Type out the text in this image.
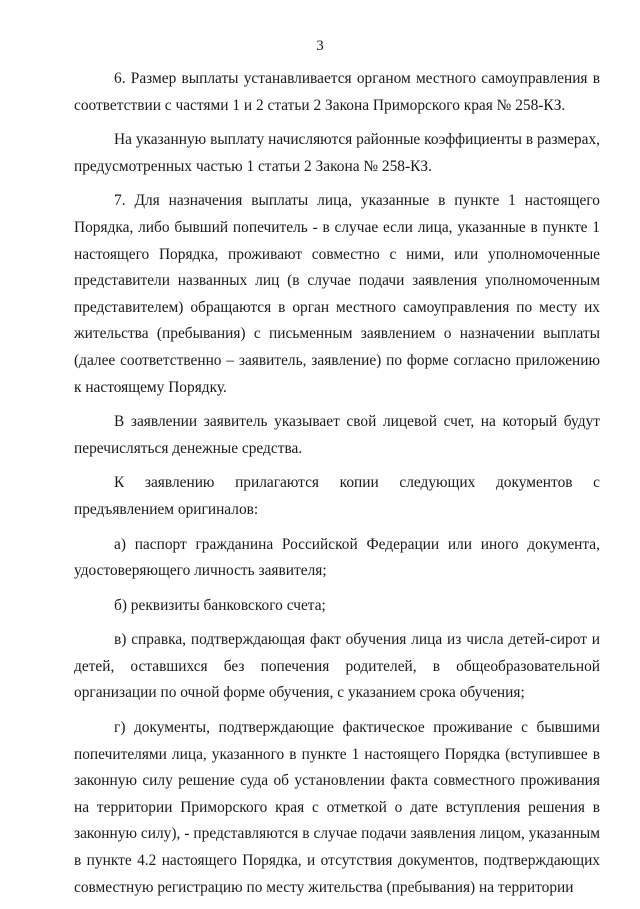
3

6. Размер выплаты устанавливается органом местного самоуправления в соответствии с частями 1 и 2 статьи 2 Закона Приморского края № 258-КЗ.

На указанную выплату начисляются районные коэффициенты в размерах, предусмотренных частью 1 статьи 2 Закона № 258-КЗ.

7. Для назначения выплаты лица, указанные в пункте 1 настоящего Порядка, либо бывший попечитель - в случае если лица, указанные в пункте 1 настоящего Порядка, проживают совместно с ними, или уполномоченные представители названных лиц (в случае подачи заявления уполномоченным представителем) обращаются в орган местного самоуправления по месту их жительства (пребывания) с письменным заявлением о назначении выплаты (далее соответственно – заявитель, заявление) по форме согласно приложению к настоящему Порядку.

В заявлении заявитель указывает свой лицевой счет, на который будут перечисляться денежные средства.

К заявлению прилагаются копии следующих документов с

предъявлением оригиналов:

а) паспорт гражданина Российской Федерации или иного документа, удостоверяющего личность заявителя;

б) реквизиты банковского счета;

в) справка, подтверждающая факт обучения лица из числа детей-сирот и детей, оставшихся без попечения родителей, в общеобразовательной организации по очной форме обучения, с указанием срока обучения;

г) документы, подтверждающие фактическое проживание с бывшими попечителями лица, указанного в пункте 1 настоящего Порядка (вступившее в законную силу решение суда об установлении факта совместного проживания на территории Приморского края с отметкой о дате вступления решения в законную силу), - представляются в случае подачи заявления лицом, указанным в пункте 4.2 настоящего Порядка, и отсутствия документов, подтверждающих совместную регистрацию по месту жительства (пребывания) на территории
